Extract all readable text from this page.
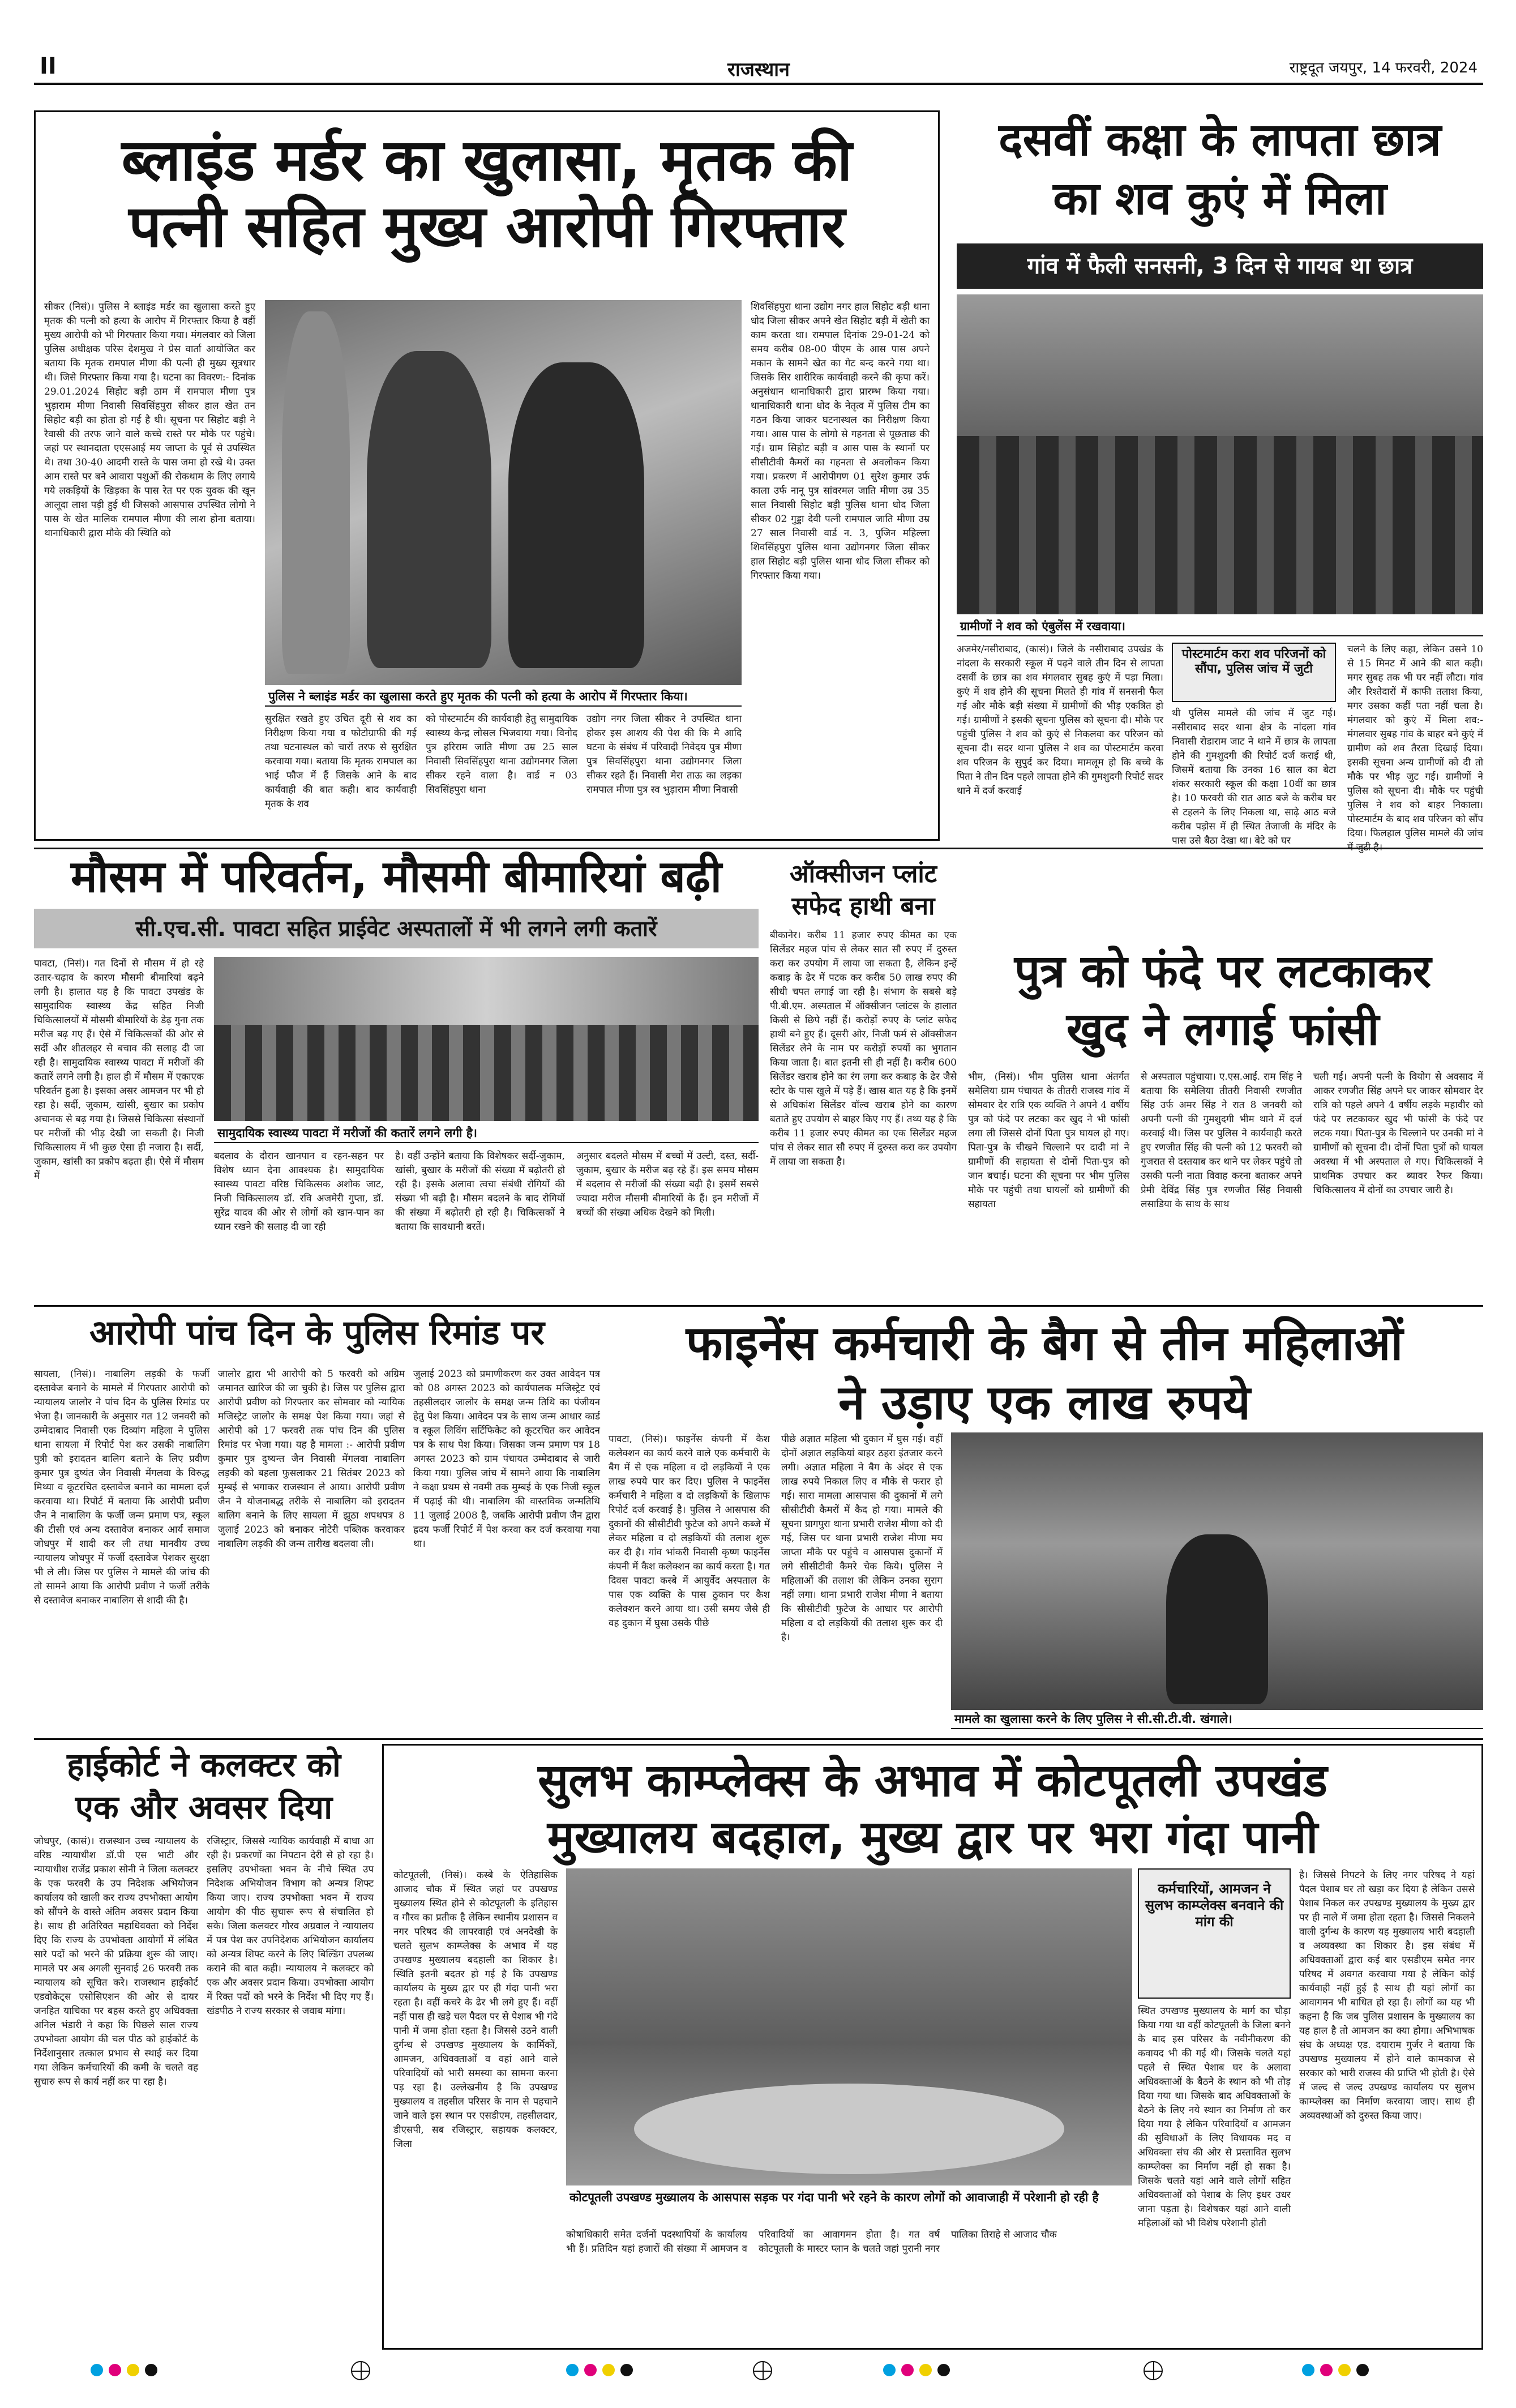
II	राजस्थान	राष्ट्रदूत जयपुर, 14 फरवरी, 2024
ब्लाइंड मर्डर का खुलासा, मृतक की
पत्नी सहित मुख्य आरोपी गिरफ्तार
सीकर (निसं)। पुलिस ने ब्लाइंड मर्डर का खुलासा करते हुए मृतक की पत्नी को हत्या के आरोप में गिरफ्तार किया है वहीं मुख्य आरोपी को भी गिरफ्तार किया गया। मंगलवार को जिला पुलिस अधीक्षक परिस देशमुख ने प्रेस वार्ता आयोजित कर बताया कि मृतक रामपाल मीणा की पत्नी ही मुख्य सूत्रधार थी। जिसे गिरफ्तार किया गया है। घटना का विवरण:- दिनांक 29.01.2024 सिहोट बड़ी ठाम में रामपाल मीणा पुत्र भुड़ाराम मीणा निवासी सिवसिंहपुरा सीकर हाल खेत तन सिहोट बड़ी का होता हो गई है थी। सूचना पर सिहोट बड़ी ने रैवासी की तरफ जाने वाले कच्चे रास्ते पर मौके पर पहुंचे। जहां पर स्थानदाता एएसआई मय जाप्ता के पूर्व से उपस्थित थे। तथा 30-40 आदमी रास्ते के पास जमा हो रखे थे। उक्त आम रास्ते पर बने आवारा पशुओं की रोकथाम के लिए लगाये गये लकड़ियों के खिड़का के पास रेत पर एक युवक की खून आलूदा लाश पड़ी हुई थी जिसको आसपास उपस्थित लोगो ने पास के खेत मालिक रामपाल मीणा की लाश होना बताया। थानाधिकारी द्वारा मौके की स्थिति को
पुलिस ने ब्लाइंड मर्डर का खुलासा करते हुए मृतक की पत्नी को हत्या के आरोप में गिरफ्तार किया।
सुरक्षित रखते हुए उचित दूरी से शव का निरीक्षण किया गया व फोटोग्राफी की गई तथा घटनास्थल को चारों तरफ से सुरक्षित करवाया गया। बताया कि मृतक रामपाल का भाई फौज में हैं जिसके आने के बाद कार्यवाही की बात कही। बाद कार्यवाही मृतक के शव
को पोस्टमार्टम की कार्यवाही हेतु सामुदायिक स्वास्थ्य केन्द्र लोसल भिजवाया गया। विनोद पुत्र हरिराम जाति मीणा उम्र 25 साल निवासी सिवसिंहपुरा थाना उद्योगनगर जिला सीकर रहने वाला है। वार्ड न 03 सिवसिंहपुरा थाना
उद्योग नगर जिला सीकर ने उपस्थित थाना होकर इस आशय की पेश की कि मै आदि घटना के संबंध में परिवादी निवेदय पुत्र मीणा पुत्र सिवसिंहपुरा थाना उद्योगनगर जिला सीकर रहते हैं। निवासी मेरा ताऊ का लड़का रामपाल मीणा पुत्र स्व भुड़ाराम मीणा निवासी
शिवसिंहपुरा थाना उद्योग नगर हाल सिहोट बड़ी थाना धोद जिला सीकर अपने खेत सिहोट बड़ी में खेती का काम करता था। रामपाल दिनांक 29-01-24 को समय करीब 08-00 पीएम के आस पास अपने मकान के सामने खेत का गेट बन्द करने गया था। जिसके सिर शारीरिक कार्यवाही करने की कृपा करें। अनुसंधान थानाधिकारी द्वारा प्रारम्भ किया गया। थानाधिकारी थाना धोद के नेतृत्व में पुलिस टीम का गठन किया जाकर घटनास्थल का निरीक्षण किया गया। आस पास के लोगो से गहनता से पूछताछ की गई। ग्राम सिहोट बड़ी व आस पास के स्थानों पर सीसीटीवी कैमरों का गहनता से अवलोकन किया गया। प्रकरण में आरोपीगण 01 सुरेश कुमार उर्फ काला उर्फ नानू पुत्र सांवरमल जाति मीणा उम्र 35 साल निवासी सिहोट बड़ी पुलिस थाना धोद जिला सीकर 02 गुड्डा देवी पत्नी रामपाल जाति मीणा उम्र 27 साल निवासी वार्ड न. 3, पुजिन महिल्ला शिवसिंहपुरा पुलिस थाना उद्योगनगर जिला सीकर हाल सिहोट बड़ी पुलिस थाना धोद जिला सीकर को गिरफ्तार किया गया।
दसवीं कक्षा के लापता छात्र
का शव कुएं में मिला
गांव में फैली सनसनी, 3 दिन से गायब था छात्र
ग्रामीणों ने शव को एंबुलेंस में रखवाया।
अजमेर/नसीराबाद, (कासं)। जिले के नसीराबाद उपखंड के नांदला के सरकारी स्कूल में पढ़ने वाले तीन दिन से लापता दसवीं के छात्र का शव मंगलवार सुबह कुएं में पड़ा मिला। कुएं में शव होने की सूचना मिलते ही गांव में सनसनी फैल गई और मौके बड़ी संख्या में ग्रामीणों की भीड़ एकत्रित हो गई। ग्रामीणों ने इसकी सूचना पुलिस को सूचना दी। मौके पर पहुंची पुलिस ने शव को कुएं से निकलवा कर परिजन को सूचना दी। सदर थाना पुलिस ने शव का पोस्टमार्टम करवा शव परिजन के सुपुर्द कर दिया। मामलूम हो कि बच्चे के पिता ने तीन दिन पहले लापता होने की गुमशुदगी रिपोर्ट सदर थाने में दर्ज करवाई
पोस्टमार्टम करा शव परिजनों को सौंपा, पुलिस जांच में जुटी
थी पुलिस मामले की जांच में जुट गई। नसीराबाद सदर थाना क्षेत्र के नांदला गांव निवासी रोडाराम जाट ने थाने में छात्र के लापता होने की गुमशुदगी की रिपोर्ट दर्ज कराई थी, जिसमें बताया कि उनका 16 साल का बेटा शंकर सरकारी स्कूल की कक्षा 10वीं का छात्र है। 10 फरवरी की रात आठ बजे के करीब घर से टहलने के लिए निकला था, साढ़े आठ बजे करीब पड़ोस में ही स्थित तेजाजी के मंदिर के पास उसे बैठा देखा था। बेटे को घर
चलने के लिए कहा, लेकिन उसने 10 से 15 मिनट में आने की बात कही। मगर सुबह तक भी घर नहीं लौटा। गांव और रिश्तेदारों में काफी तलाश किया, मगर उसका कहीं पता नहीं चला है। मंगलवार को कुएं में मिला शव:- मंगलवार सुबह गांव के बाहर बने कुएं में ग्रामीण को शव तैरता दिखाई दिया। इसकी सूचना अन्य ग्रामीणों को दी तो मौके पर भीड़ जुट गई। ग्रामीणों ने पुलिस को सूचना दी। मौके पर पहुंची पुलिस ने शव को बाहर निकाला। पोस्टमार्टम के बाद शव परिजन को सौंप दिया। फिलहाल पुलिस मामले की जांच
मौसम में परिवर्तन, मौसमी बीमारियां बढ़ी
सी.एच.सी. पावटा सहित प्राईवेट अस्पतालों में भी लगने लगी कतारें
पावटा, (निसं)। गत दिनों से मौसम में हो रहे उतार-चढ़ाव के कारण मौसमी बीमारियां बढ़ने लगी है। हालात यह है कि पावटा उपखंड के सामुदायिक स्वास्थ्य केंद्र सहित निजी चिकित्सालयों में मौसमी बीमारियों के डेढ़ गुना तक मरीज बढ़ गए हैं। ऐसे में चिकित्सकों की ओर से सर्दी और शीतलहर से बचाव की सलाह दी जा रही है। सामुदायिक स्वास्थ्य पावटा में मरीजों की कतारें लगने लगी है। हाल ही में मौसम में एकाएक परिवर्तन हुआ है। इसका असर आमजन पर भी हो रहा है। सर्दी, जुकाम, खांसी, बुखार का प्रकोप अचानक से बढ़ गया है। जिससे चिकित्सा संस्थानों पर मरीजों की भीड़ देखी जा सकती है। निजी चिकित्सालय में भी कुछ ऐसा ही नजारा है। सर्दी, जुकाम, खांसी का प्रकोप बढ़ता ही। ऐसे में मौसम में
सामुदायिक स्वास्थ्य पावटा में मरीजों की कतारें लगने लगी है।
बदलाव के दौरान खानपान व रहन-सहन पर विशेष ध्यान देना आवश्यक है। सामुदायिक स्वास्थ्य पावटा वरिष्ठ चिकित्सक अशोक जाट, निजी चिकित्सालय डॉ. रवि अजमेरी गुप्ता, डॉ. सुरेंद्र यादव की ओर से लोगों को खान-पान का ध्यान रखने की सलाह दी जा रही
है। वहीं उन्होंने बताया कि विशेषकर सर्दी-जुकाम, खांसी, बुखार के मरीजों की संख्या में बढ़ोतरी हो रही है। इसके अलावा त्वचा संबंधी रोगियों की संख्या भी बढ़ी है। मौसम बदलने के बाद रोगियों की संख्या में बढ़ोतरी हो रही है। चिकित्सकों ने बताया कि सावधानी बरतें।
अनुसार बदलते मौसम में बच्चों में उल्टी, दस्त, सर्दी-जुकाम, बुखार के मरीज बढ़ रहे हैं। इस समय मौसम में बदलाव से मरीजों की संख्या बढ़ी है। इसमें सबसे ज्यादा मरीज मौसमी बीमारियों के हैं। इन मरीजों में बच्चों की संख्या अधिक देखने को मिली।
ऑक्सीजन प्लांट
सफेद हाथी बना
बीकानेर। करीब 11 हजार रुपए कीमत का एक सिलेंडर महज पांच से लेकर सात सौ रुपए में दुरुस्त करा कर उपयोग में लाया जा सकता है, लेकिन इन्हें कबाड़ के ढेर में पटक कर करीब 50 लाख रुपए की सीधी चपत लगाई जा रही है। संभाग के सबसे बड़े पी.बी.एम. अस्पताल में ऑक्सीजन प्लांटस के हालात किसी से छिपे नहीं हैं। करोड़ों रुपए के प्लांट सफेद हाथी बने हुए हैं। दूसरी ओर, निजी फर्म से ऑक्सीजन सिलेंडर लेने के नाम पर करोड़ों रुपयों का भुगतान किया जाता है। बात इतनी सी ही नहीं है। करीब 600 सिलेंडर खराब होने का रंग लगा कर कबाड़ के ढेर जैसे स्टोर के पास खुले में पड़े हैं। खास बात यह है कि इनमें से अधिकांश सिलेंडर वॉल्व खराब होने का कारण बताते हुए उपयोग से बाहर किए गए हैं। तथ्य यह है कि करीब 11 हजार रुपए कीमत का एक सिलेंडर महज पांच से लेकर सात सौ रुपए में दुरुस्त करा कर उपयोग में लाया जा सकता है।
पुत्र को फंदे पर लटकाकर
खुद ने लगाई फांसी
भीम, (निसं)। भीम पुलिस थाना अंतर्गत समेलिया ग्राम पंचायत के तीतरी राजस्व गांव में सोमवार देर रात्रि एक व्यक्ति ने अपने 4 वर्षीय पुत्र को फंदे पर लटका कर खुद ने भी फांसी लगा ली जिससे दोनों पिता पुत्र घायल हो गए। पिता-पुत्र के चीखने चिल्लाने पर दादी मां ने ग्रामीणों की सहायता से दोनों पिता-पुत्र को जान बचाई। घटना की सूचना पर भीम पुलिस मौके पर पहुंची तथा घायलों को ग्रामीणों की सहायता
से अस्पताल पहुंचाया। ए.एस.आई. राम सिंह ने बताया कि समेलिया तीतरी निवासी रणजीत सिंह उर्फ अमर सिंह ने रात 8 जनवरी को अपनी पत्नी की गुमशुदगी भीम थाने में दर्ज करवाई थी। जिस पर पुलिस ने कार्यवाही करते हुए रणजीत सिंह की पत्नी को 12 फरवरी को गुजरात से दस्तयाब कर थाने पर लेकर पहुंचे तो उसकी पत्नी नाता विवाह करना बताकर अपने प्रेमी देविंद्र सिंह पुत्र रणजीत सिंह निवासी लसाडिया के साथ के साथ
चली गई। अपनी पत्नी के वियोग से अवसाद में आकर रणजीत सिंह अपने घर जाकर सोमवार देर रात्रि को पहले अपने 4 वर्षीय लड़के महावीर को फंदे पर लटकाकर खुद भी फांसी के फंदे पर लटक गया। पिता-पुत्र के चिल्लाने पर उनकी मां ने ग्रामीणों को सूचना दी। दोनों पिता पुत्रों को घायल अवस्था में भी अस्पताल ले गए। चिकित्सकों ने प्राथमिक उपचार कर ब्यावर रैफर किया। चिकित्सालय में दोनों का उपचार जारी है।
आरोपी पांच दिन के पुलिस रिमांड पर
सायला, (निसं)। नाबालिग लड़की के फर्जी दस्तावेज बनाने के मामले में गिरफ्तार आरोपी को न्यायालय जालोर ने पांच दिन के पुलिस रिमांड पर भेजा है। जानकारी के अनुसार गत 12 जनवरी को उम्मेदाबाद निवासी एक दिव्यांग महिला ने पुलिस थाना सायला में रिपोर्ट पेश कर उसकी नाबालिग पुत्री को इरादतन बालिग बताने के लिए प्रवीण कुमार पुत्र दुष्यंत जैन निवासी मेंगलवा के विरुद्ध मिथ्या व कूटरचित दस्तावेज बनाने का मामला दर्ज करवाया था। रिपोर्ट में बताया कि आरोपी प्रवीण जैन ने नाबालिग के फर्जी जन्म प्रमाण पत्र, स्कूल की टीसी एवं अन्य दस्तावेज बनाकर आर्य समाज जोधपुर में शादी कर ली तथा मानवीय उच्च न्यायालय जोधपुर में फर्जी दस्तावेज पेशकर सुरक्षा भी ले ली। जिस पर पुलिस ने मामले की जांच की तो सामने आया कि आरोपी प्रवीण ने फर्जी तरीके से दस्तावेज बनाकर नाबालिग से शादी की है।
जालोर द्वारा भी आरोपी को 5 फरवरी को अग्रिम जमानत खारिज की जा चुकी है। जिस पर पुलिस द्वारा आरोपी प्रवीण को गिरफ्तार कर सोमवार को न्यायिक मजिस्ट्रेट जालोर के समक्ष पेश किया गया। जहां से आरोपी को 17 फरवरी तक पांच दिन की पुलिस रिमांड पर भेजा गया। यह है मामला :- आरोपी प्रवीण कुमार पुत्र दुष्यन्त जैन निवासी मेंगलवा नाबालिग लड़की को बहला फुसलाकर 21 सितंबर 2023 को मुम्बई से भगाकर राजस्थान ले आया। आरोपी प्रवीण जैन ने योजनाबद्ध तरीके से नाबालिग को इरादतन बालिग बनाने के लिए सायला में झूठा शपथपत्र 8 जुलाई 2023 को बनाकर नोटेरी पब्लिक करवाकर नाबालिग लड़की की जन्म तारीख बदलवा ली।
जुलाई 2023 को प्रमाणीकरण कर उक्त आवेदन पत्र को 08 अगस्त 2023 को कार्यपालक मजिस्ट्रेट एवं तहसीलदार जालोर के समक्ष जन्म तिथि का पंजीयन हेतु पेश किया। आवेदन पत्र के साथ जन्म आधार कार्ड व स्कूल लिविंग सर्टिफिकेट को कूटरचित कर आवेदन पत्र के साथ पेश किया। जिसका जन्म प्रमाण पत्र 18 अगस्त 2023 को ग्राम पंचायत उम्मेदाबाद से जारी किया गया। पुलिस जांच में सामने आया कि नाबालिग ने कक्षा प्रथम से नवमी तक मुम्बई के एक निजी स्कूल में पढ़ाई की थी। नाबालिग की वास्तविक जन्मतिथि 11 जुलाई 2008 है, जबकि आरोपी प्रवीण जैन द्वारा ह्रदय फर्जी रिपोर्ट में पेश करवा कर दर्ज करवाया गया था।
फाइनेंस कर्मचारी के बैग से तीन महिलाओं
ने उड़ाए एक लाख रुपये
पावटा, (निसं)। फाइनेंस कंपनी में कैश कलेक्शन का कार्य करने वाले एक कर्मचारी के बैग में से एक महिला व दो लड़कियों ने एक लाख रुपये पार कर दिए। पुलिस ने फाइनेंस कर्मचारी ने महिला व दो लड़कियों के खिलाफ रिपोर्ट दर्ज करवाई है। पुलिस ने आसपास की दुकानों की सीसीटीवी फुटेज को अपने कब्जे में लेकर महिला व दो लड़कियों की तलाश शुरू कर दी है। गांव भांकरी निवासी कृष्ण फाइनेंस कंपनी में कैश कलेक्शन का कार्य करता है। गत दिवस पावटा कस्बे में आयुर्वेद अस्पताल के पास एक व्यक्ति के पास ठुकान पर कैश कलेक्शन करने आया था। उसी समय जैसे ही वह दुकान में घुसा उसके पीछे
पीछे अज्ञात महिला भी दुकान में घुस गई। वहीं दोनों अज्ञात लड़कियां बाहर ठहरा इंतजार करने लगी। अज्ञात महिला ने बैग के अंदर से एक लाख रुपये निकाल लिए व मौके से फरार हो गई। सारा मामला आसपास की दुकानों में लगे सीसीटीवी कैमरों में कैद हो गया। मामले की सूचना प्रागपुरा थाना प्रभारी राजेश मीणा को दी गई, जिस पर थाना प्रभारी राजेश मीणा मय जाप्ता मौके पर पहुंचे व आसपास दुकानों में लगे सीसीटीवी कैमरे चेक किये। पुलिस ने महिलाओं की तलाश की लेकिन उनका सुराग नहीं लगा। थाना प्रभारी राजेश मीणा ने बताया कि सीसीटीवी फुटेज के आधार पर आरोपी महिला व दो लड़कियों की तलाश शुरू कर दी है।
मामले का खुलासा करने के लिए पुलिस ने सी.सी.टी.वी. खंगाले।
हाईकोर्ट ने कलक्टर को
एक और अवसर दिया
जोधपुर, (कासं)। राजस्थान उच्च न्यायालय के वरिष्ठ न्यायाधीश डॉ.पी एस भाटी और न्यायाधीश राजेंद्र प्रकाश सोनी ने जिला कलक्टर के एक फरवरी के उप निदेशक अभियोजन कार्यालय को खाली कर राज्य उपभोक्ता आयोग को सौंपने के वास्ते अंतिम अवसर प्रदान किया है। साथ ही अतिरिक्त महाधिवक्ता को निर्देश दिए कि राज्य के उपभोक्ता आयोगों में लंबित सारे पदों को भरने की प्रक्रिया शुरू की जाए। मामले पर अब अगली सुनवाई 26 फरवरी तक न्यायालय को सूचित करे। राजस्थान हाईकोर्ट एडवोकेट्स एसोसिएशन की ओर से दायर जनहित याचिका पर बहस करते हुए अधिवक्ता अनिल भंडारी ने कहा कि पिछले साल राज्य उपभोक्ता आयोग की चल पीठ को हाईकोर्ट के निर्देशानुसार तत्काल प्रभाव से स्थाई कर दिया गया लेकिन कर्मचारियों की कमी के चलते वह सुचारु रूप से कार्य नहीं कर पा रहा है।
रजिस्ट्रार, जिससे न्यायिक कार्यवाही में बाधा आ रही है। प्रकरणों का निपटान देरी से हो रहा है। इसलिए उपभोक्ता भवन के नीचे स्थित उप निदेशक अभियोजन विभाग को अन्यत्र शिफ्ट किया जाए। राज्य उपभोक्ता भवन में राज्य आयोग की पीठ सुचारू रूप से संचालित हो सके। जिला कलक्टर गौरव अग्रवाल ने न्यायालय में पत्र पेश कर उपनिदेशक अभियोजन कार्यालय को अन्यत्र शिफ्ट करने के लिए बिल्डिंग उपलब्ध कराने की बात कही। न्यायालय ने कलक्टर को एक और अवसर प्रदान किया। उपभोक्ता आयोग में रिक्त पदों को भरने के निर्देश भी दिए गए हैं। खंडपीठ ने राज्य सरकार से जवाब मांगा।
सुलभ काम्प्लेक्स के अभाव में कोटपूतली उपखंड
मुख्यालय बदहाल, मुख्य द्वार पर भरा गंदा पानी
कोटपूतली, (निसं)। कस्बे के ऐतिहासिक आजाद चौक में स्थित जहां पर उपखण्ड मुख्यालय स्थित होने से कोटपूतली के इतिहास व गौरव का प्रतीक है लेकिन स्थानीय प्रशासन व नगर परिषद की लापरवाही एवं अनदेखी के चलते सुलभ काम्प्लेक्स के अभाव में यह उपखण्ड मुख्यालय बदहाली का शिकार है। स्थिति इतनी बदतर हो गई है कि उपखण्ड कार्यालय के मुख्य द्वार पर ही गंदा पानी भरा रहता है। वहीं कचरे के ढेर भी लगे हुए हैं। वहीं नहीं पास ही खड़े चल पैदल पर से पेशाब भी गंदे पानी में जमा होता रहता है। जिससे उठने वाली दुर्गन्ध से उपखण्ड मुख्यालय के कार्मिकों, आमजन, अधिवक्ताओं व वहां आने वाले परिवादियों को भारी समस्या का सामना करना पड़ रहा है। उल्लेखनीय है कि उपखण्ड मुख्यालय व तहसील परिसर के नाम से पहचाने जाने वाले इस स्थान पर एसडीएम, तहसीलदार, डीएसपी, सब रजिस्ट्रार, सहायक कलक्टर, जिला
कोटपूतली उपखण्ड मुख्यालय के आसपास सड़क पर गंदा पानी भरे रहने के कारण लोगों को आवाजाही में परेशानी हो रही है
कोषाधिकारी समेत दर्जनों पदस्थापियों के कार्यालय भी हैं। प्रतिदिन यहां हजारों की संख्या में आमजन व परिवादियों का आवागमन होता है। गत वर्ष कोटपूतली के मास्टर प्लान के चलते जहां पुरानी नगर पालिका तिराहे से आजाद चौक
कर्मचारियों, आमजन ने सुलभ काम्प्लेक्स बनवाने की मांग की
स्थित उपखण्ड मुख्यालय के मार्ग का चौड़ा किया गया था वहीं कोटपूतली के जिला बनने के बाद इस परिसर के नवीनीकरण की कवायद भी की गई थी। जिसके चलते यहां पहले से स्थित पेशाब घर के अलावा अधिवक्ताओं के बैठने के स्थान को भी तोड़ दिया गया था। जिसके बाद अधिवक्ताओं के बैठने के लिए नये स्थान का निर्माण तो कर दिया गया है लेकिन परिवादियों व आमजन की सुविधाओं के लिए विधायक मद व अधिवक्ता संघ की ओर से प्रस्तावित सुलभ काम्प्लेक्स का निर्माण नहीं हो सका है। जिसके चलते यहां आने वाले लोगों सहित अधिवक्ताओं को पेशाब के लिए इधर उधर जाना पड़ता है। विशेषकर यहां आने वाली महिलाओं को भी विशेष परेशानी होती
है। जिससे निपटने के लिए नगर परिषद ने यहां पैदल पेशाब घर तो खड़ा कर दिया है लेकिन उससे पेशाब निकल कर उपखण्ड मुख्यालय के मुख्य द्वार पर ही नाले में जमा होता रहता है। जिससे निकलने वाली दुर्गन्ध के कारण यह मुख्यालय भारी बदहाली व अव्यवस्था का शिकार है। इस संबंध में अधिवक्ताओं द्वारा कई बार एसडीएम समेत नगर परिषद में अवगत करवाया गया है लेकिन कोई कार्यवाही नहीं हुई है साथ ही यहां लोगों का आवागमन भी बाधित हो रहा है। लोगों का यह भी कहना है कि जब पुलिस प्रशासन के मुख्यालय का यह हाल है तो आमजन का क्या होगा। अभिभाषक संघ के अध्यक्ष एड. दयाराम गुर्जर ने बताया कि उपखण्ड मुख्यालय में होने वाले कामकाज से सरकार को भारी राजस्व की प्राप्ति भी होती है। ऐसे में जल्द से जल्द उपखण्ड कार्यालय पर सुलभ काम्प्लेक्स का निर्माण करवाया जाए। साथ ही अव्यवस्थाओं को दुरुस्त किया जाए।
